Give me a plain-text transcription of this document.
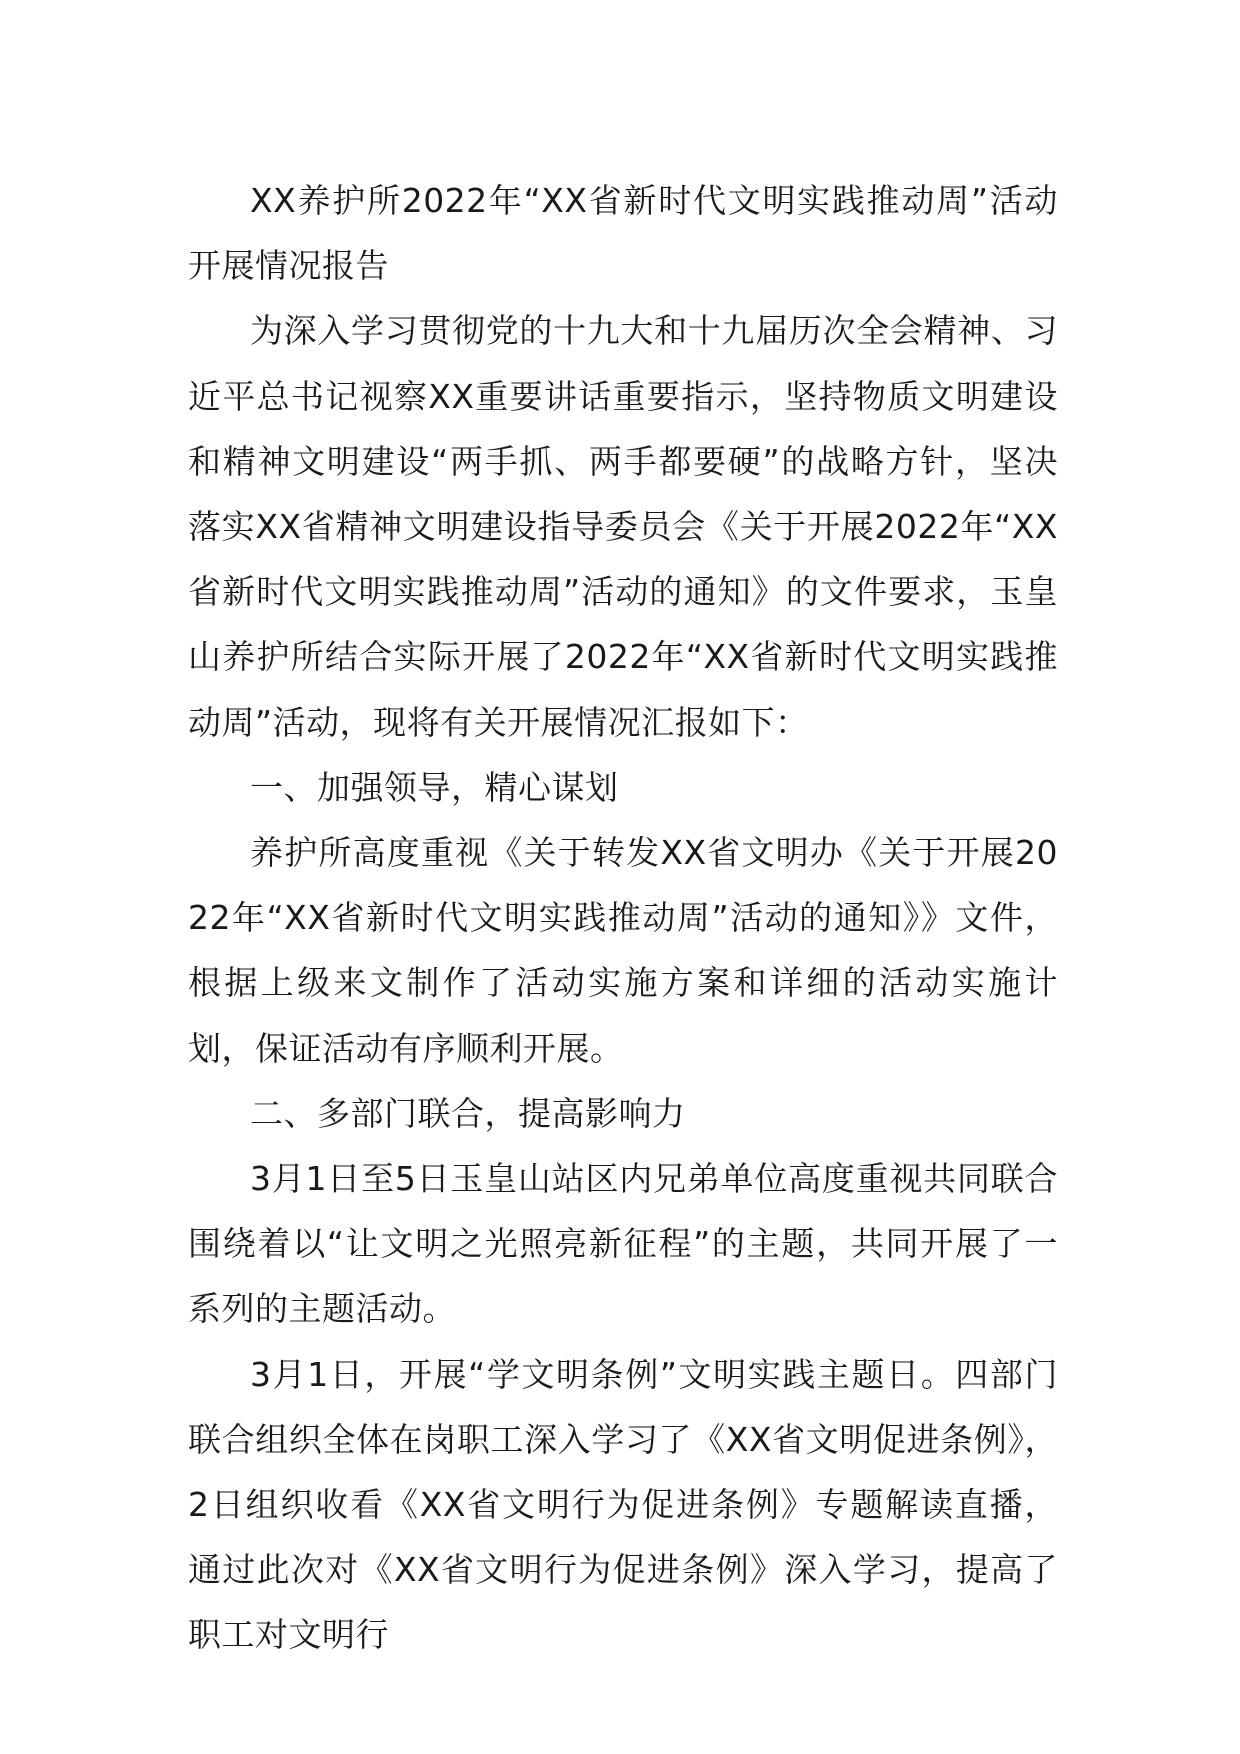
XX养护所2022年“XX省新时代文明实践推动周”活动开展情况报告

为深入学习贯彻党的十九大和十九届历次全会精神、习近平总书记视察XX重要讲话重要指示，坚持物质文明建设和精神文明建设“两手抓、两手都要硬”的战略方针，坚决落实XX省精神文明建设指导委员会《关于开展2022年“XX省新时代文明实践推动周”活动的通知》的文件要求，玉皇山养护所结合实际开展了2022年“XX省新时代文明实践推动周”活动，现将有关开展情况汇报如下：

一、加强领导，精心谋划

养护所高度重视《关于转发XX省文明办《关于开展2022年“XX省新时代文明实践推动周”活动的通知》》文件，根据上级来文制作了活动实施方案和详细的活动实施计划，保证活动有序顺利开展。

二、多部门联合，提高影响力

3月1日至5日玉皇山站区内兄弟单位高度重视共同联合围绕着以“让文明之光照亮新征程”的主题，共同开展了一系列的主题活动。

3月1日，开展“学文明条例”文明实践主题日。四部门联合组织全体在岗职工深入学习了《XX省文明促进条例》，2日组织收看《XX省文明行为促进条例》专题解读直播，通过此次对《XX省文明行为促进条例》深入学习，提高了职工对文明行
